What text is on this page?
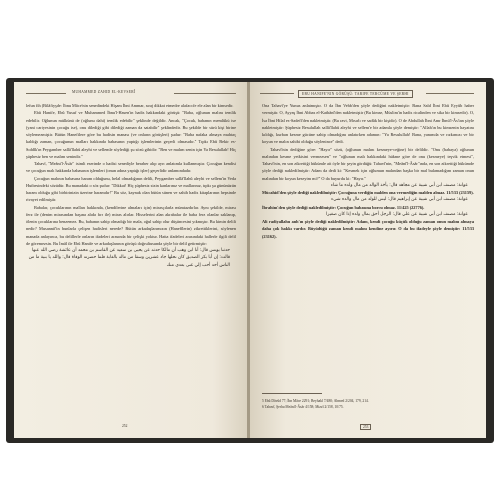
MUHAMMED ZAHID EL-KEVSERÎ

lefun fih (Bilâfiyşde: İbnu Mâce'nin senedindeki Hişam İbni Ammar, sıraj dikkat etmedre alafaccfe ele alan bir kimsedir.

Ebû Hanife, Ebû Yusuf ve Muhammed İbnu'l-Hasen'in hadis hakkındaki görüşü: "Baba, oğlunun malını temlik edebilir. Oğlunun mülkünü de (oğlunu dahi) temlik edebilir" şeklinde değildir. Ancak, "Çocuk, babanın memlûkü ise (yani cariyesinin çocuğu ise), onu dilediği gibi dilediği zaman da satabilir" şeklindedir. Bu şekilde bir sürü kişi birine söylemezmiştir. Bütün Hanefilere göre bu hadisin manası (ve onların görüşleri) şudur: "Baba nafaka almaya muhtaç kaldığı zaman, çocuğunun malları hakkında babasının yaptığı işlemlerinin geçerli olmasıdır." Tıpkı Ebû Bekir es-Sıddîk'ın Peygamber sallâ'llahû aleyhi ve sellemle söylediği şu sözü gibidir: "Ben ve malım senin için Ya Resulallah! Hiç şüphesiz ben ve malım senindir."

Tahavî, "Meâni'l-Âsâr" isimli eserinde o hadisi senediyle beraber alıp ayrı anlatımla kullanmıştır. Çocuğun kendisi ve çocuğun malı hakkında babasının işlemleri (onun adına yaptığı işler) geçerlidir anlamındadır.

Çocuğun malının babasına haram olduğunu, helal olmadığının delili, Peygamber sallâ'llahû aleyhi ve sellem'in Veda Hutbesindeki sözüdür. Bu manadaki o söz şudur: "Dikkat! Hiç şüphesiz sizin kanlarınız ve mallarınız, tıpkı şu gününüzün haram olduğu gibi birbirinizin üzerine haramdır!" Bu söz, kaynak olan bütün sünen ve sahih hadis kitaplarının hepsinde rivayet edilmiştir.

Babalar, çocuklarının malları hakkında, (kendilerine almaları için) mirasçılarla mümtazdırlar. Aynı şekilde, mirası ferz ile (denim mirasından başına alıda fırr ile) miras alırlar. Hisselerini alan akrabalar ile baba ferz olanlar saklanıp, ölenin çocuklarına benzemez. Bu, babanın sahip olmadığı bir mala, oğul sahip olur düşüncesini yıkmıştır. Bu kimin delili nedir? Musannif'in bunlarla çelişen hadisleri nerede? Bütün arkadaşlarımızın (Hanefîlerin) zikrettiklerini, söylenen manada anlayınca, bu delillerle onların ifadeleri arasında bir çelişki yoktur. Hatta ifadeleri arasındaki hallerle ilgili delil de göremezsin. Bu İmâl ile Ebû Hanife ve arkadaşlarının görüşü doğrultusunda şöyle bir delil getirmiştir:

حدثنا يونس قال: أنا ابن وهب أن مالكا حدثه عن يحيى بن سعيد عن القاسم بن محمد أن عائشة رضي الله عنها قالت: إن أبا بكر الصديق كان نحلها جاد عشرين وسقا من ماله بالغابة فلما حضرته الوفاة قال: والله يا بنية ما من الناس أحد أحب إلي غنى بعدي منك

252
EBU HANIFE'NIN GÖRÜŞÜ: TARIFE TERCÜME VE ŞERHI

Ona Tahavî'ye Yunus anlatmıştır. O da İbn Vehb'den şöyle dediğini nakletmiştir: Bana Saîd İbni Ebû Eyyûb haber vermiştir. O, Ayyaş İbni Abbas el-Katbânî'den nakletmiştir (Bu kimse, Müslim'in hadis ricalinden ve sika bir kimsedir). O, İsa İbni Hilal es-Sadefî'den nakletmiştir. (Bu ravi, Mısırlı ve sadûk bir kişidir). O de Abdullah İbni Amr İbnü'l-Âs'tan şöyle nakletmiştir: Şüphesiz Resulullah sallâ'llahû aleyhi ve sellem'e bir adamla şöyle demiştir: "Allah'ın bu kimsenin hayatını kıldığı, kurban kesme gücüne sahip olmadığını anlatırken adamın: "Ya Resulullah! Bana, yanımda ve rızkımızı ve bir koyun ve malın sahibi olduğu söylenince" dedi.

Tahavî'nin dediğine göre: "Hayır" sözü, (oğlunun malını kesmeye-ceğine) bir delildir. "Onu (babaya) oğlunun malından kesme yetkisini vermezsen" ve "oğlunun malı hakkındaki hükme göre de onu (kesmeye) teşvik etmesi", Tahavî'nin, en son zikrettiği hükümle ait öyle bir şeyin gördüğü: Tahavî'nin, "Meânî'l-Âsâr"ında, en son zikrettiği hükümde şöyle dediği nakledilmiştir: Adam da dedi ki: "Kesmek için oğlumun malından başka bir mal bulamadığım zaman onun malından bir koyun keseyim mi?" O da buyurdu ki: "Hayır."

عوانة: مصنف ابن أبي شيبة عن مجاهد قال: يأخذ الوالد من مال ولده ما شاء

Mücahid'den şöyle dediği nakledilmiştir: Çocuğuna verdiğin malden ona vermediğin malden almaz. 11/533 (23159).

عوانة: مصنف ابن أبي شيبة عن إبراهيم قال: ليس للولد من مال والده شيء

İbrahim'den şöyle dediği nakledilmiştir: Çocuğun babasına borcu olmaz. 11/425 (22776).

عوانة: مصنف ابن أبي شيبة عن علي قال: الرجل أحق بمال ولده إذا كان صغيرا

Ali radiyallahu anh'ın şöyle dediği nakledilmiştir: Adam, kendi çocuğu küçük olduğu zaman onun malını almaya daha çok hakkı vardır. Büyüdüğü zaman kendi malını kendine ayırır. O da bu ifadeyle şöyle demiştir: 11/533 (23162).

5 Ebû Dâvûd 77; İbn Mâce 2291; Beyhakî 7/480; Ahmed 2/204, 179, 214.
6 Tahavî, Şerhu Meâni'l-Âsâr 4/158; Mizzî 2/158, 10/75.
253
